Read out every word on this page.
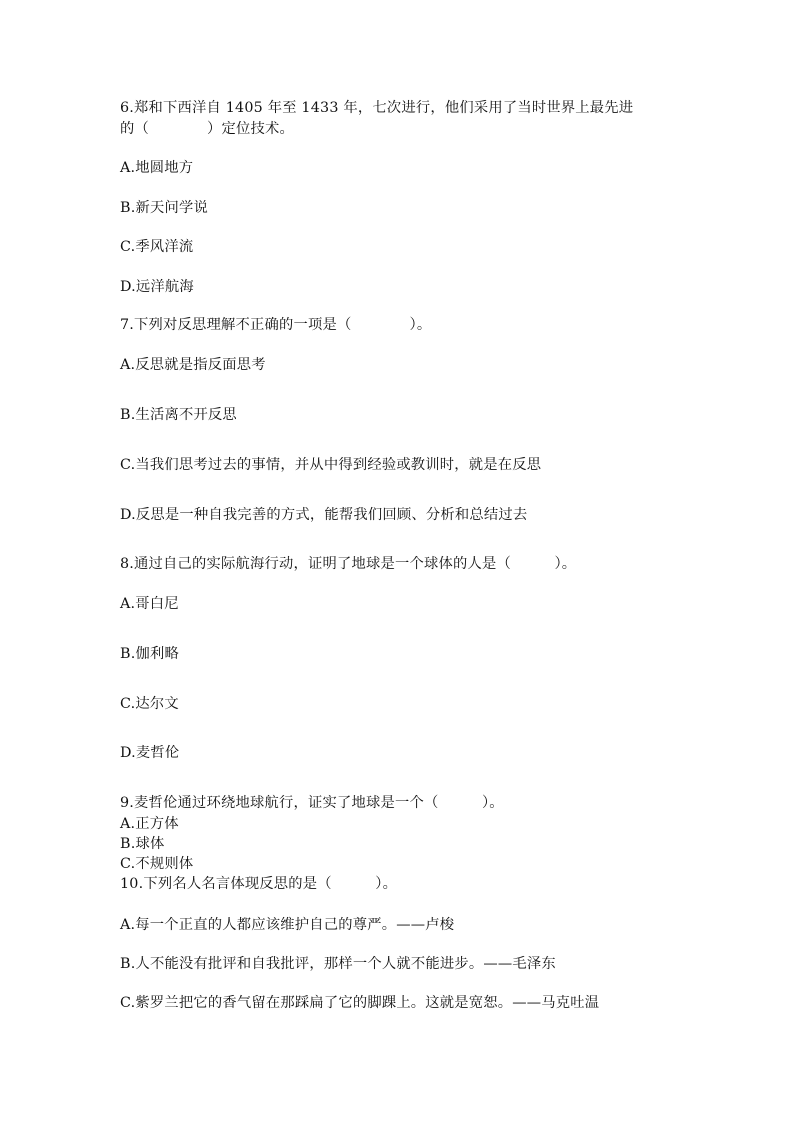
6.郑和下西洋自 1405 年至 1433 年，七次进行，他们采用了当时世界上最先进
的（　　　　）定位技术。
A.地圆地方
B.新天问学说
C.季风洋流
D.远洋航海
7.下列对反思理解不正确的一项是（　　　　）。
A.反思就是指反面思考
B.生活离不开反思
C.当我们思考过去的事情，并从中得到经验或教训时，就是在反思
D.反思是一种自我完善的方式，能帮我们回顾、分析和总结过去
8.通过自己的实际航海行动，证明了地球是一个球体的人是（　　　）。
A.哥白尼
B.伽利略
C.达尔文
D.麦哲伦
9.麦哲伦通过环绕地球航行，证实了地球是一个（　　　）。
A.正方体
B.球体
C.不规则体
10.下列名人名言体现反思的是（　　　）。
A.每一个正直的人都应该维护自己的尊严。——卢梭
B.人不能没有批评和自我批评，那样一个人就不能进步。——毛泽东
C.紫罗兰把它的香气留在那踩扁了它的脚踝上。这就是宽恕。——马克吐温
